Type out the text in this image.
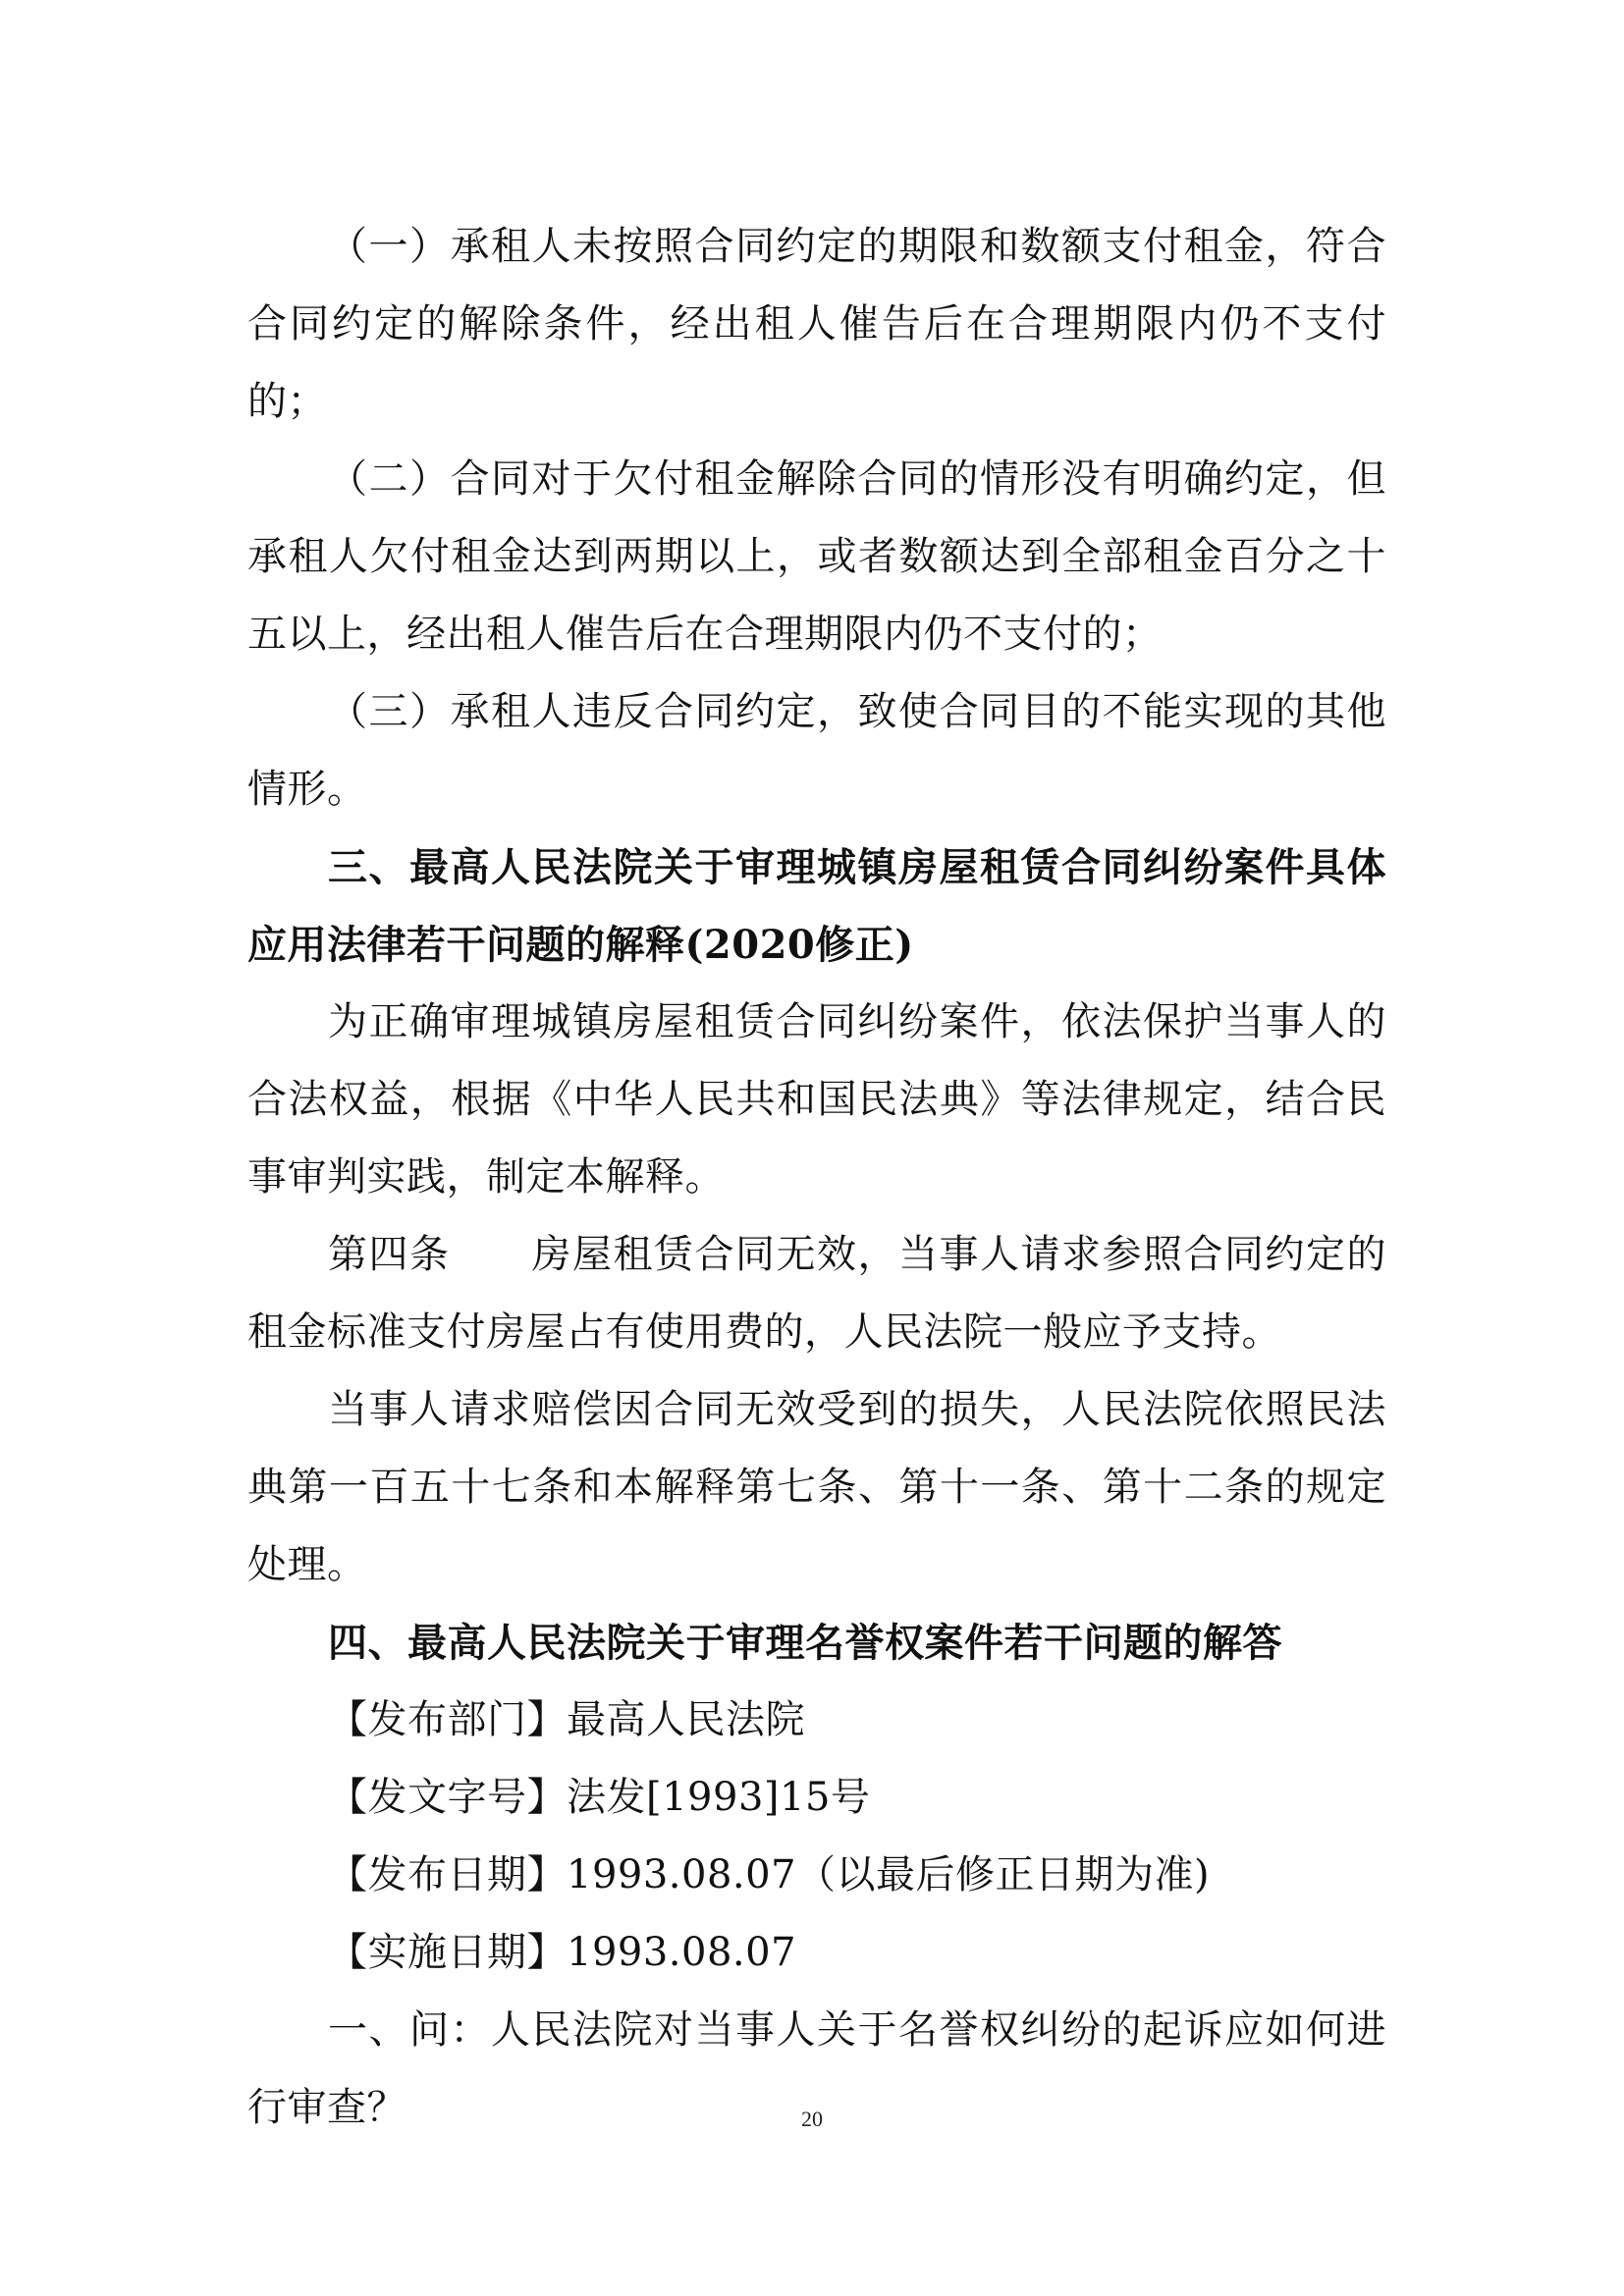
（一）承租人未按照合同约定的期限和数额支付租金，符合合同约定的解除条件，经出租人催告后在合理期限内仍不支付的；

（二）合同对于欠付租金解除合同的情形没有明确约定，但承租人欠付租金达到两期以上，或者数额达到全部租金百分之十五以上，经出租人催告后在合理期限内仍不支付的；

（三）承租人违反合同约定，致使合同目的不能实现的其他情形。

三、最高人民法院关于审理城镇房屋租赁合同纠纷案件具体应用法律若干问题的解释(2020修正)

为正确审理城镇房屋租赁合同纠纷案件，依法保护当事人的合法权益，根据《中华人民共和国民法典》等法律规定，结合民事审判实践，制定本解释。

第四条　　房屋租赁合同无效，当事人请求参照合同约定的租金标准支付房屋占有使用费的，人民法院一般应予支持。

当事人请求赔偿因合同无效受到的损失，人民法院依照民法典第一百五十七条和本解释第七条、第十一条、第十二条的规定处理。

四、最高人民法院关于审理名誉权案件若干问题的解答

【发布部门】最高人民法院

【发文字号】法发[1993]15号

【发布日期】1993.08.07（以最后修正日期为准)

【实施日期】1993.08.07

一、问：人民法院对当事人关于名誉权纠纷的起诉应如何进行审查？	20
